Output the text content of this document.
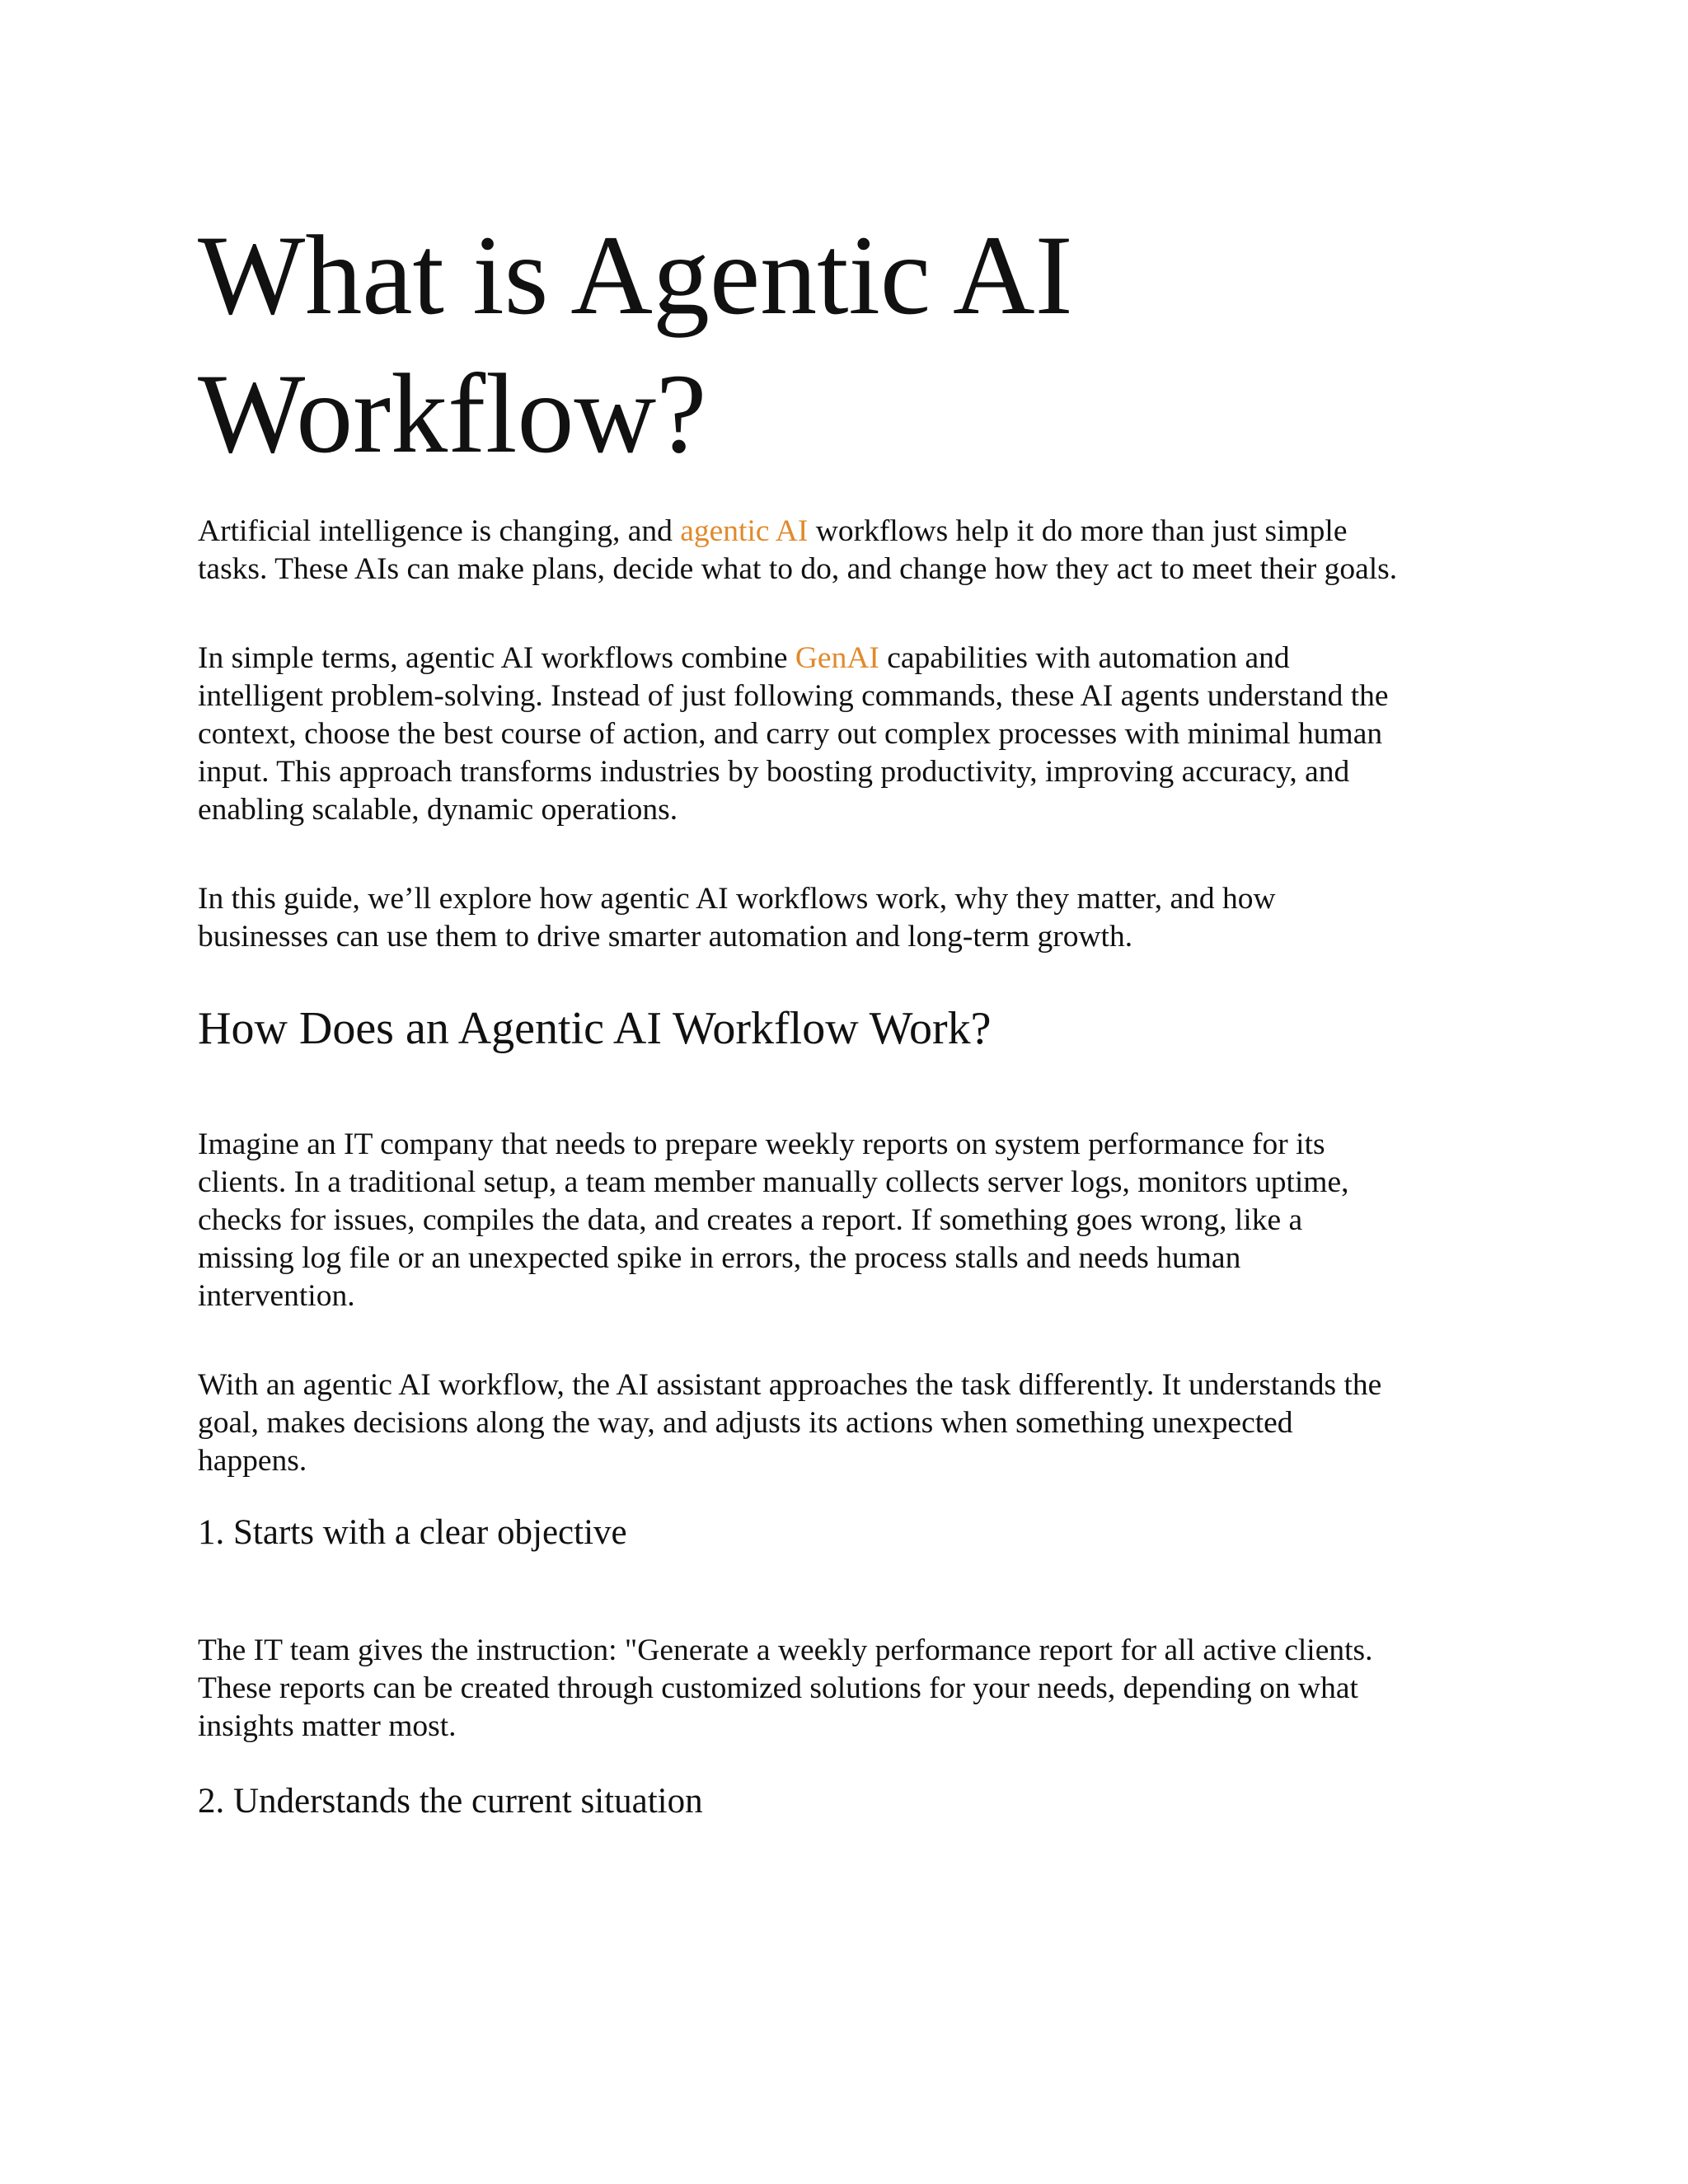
What is Agentic AI
Workflow?

Artificial intelligence is changing, and agentic AI workflows help it do more than just simple
tasks. These AIs can make plans, decide what to do, and change how they act to meet their goals.

In simple terms, agentic AI workflows combine GenAI capabilities with automation and
intelligent problem-solving. Instead of just following commands, these AI agents understand the
context, choose the best course of action, and carry out complex processes with minimal human
input. This approach transforms industries by boosting productivity, improving accuracy, and
enabling scalable, dynamic operations.

In this guide, we’ll explore how agentic AI workflows work, why they matter, and how
businesses can use them to drive smarter automation and long-term growth.

How Does an Agentic AI Workflow Work?

Imagine an IT company that needs to prepare weekly reports on system performance for its
clients. In a traditional setup, a team member manually collects server logs, monitors uptime,
checks for issues, compiles the data, and creates a report. If something goes wrong, like a
missing log file or an unexpected spike in errors, the process stalls and needs human
intervention.

With an agentic AI workflow, the AI assistant approaches the task differently. It understands the
goal, makes decisions along the way, and adjusts its actions when something unexpected
happens.

1. Starts with a clear objective

The IT team gives the instruction: "Generate a weekly performance report for all active clients.
These reports can be created through customized solutions for your needs, depending on what
insights matter most.

2. Understands the current situation
